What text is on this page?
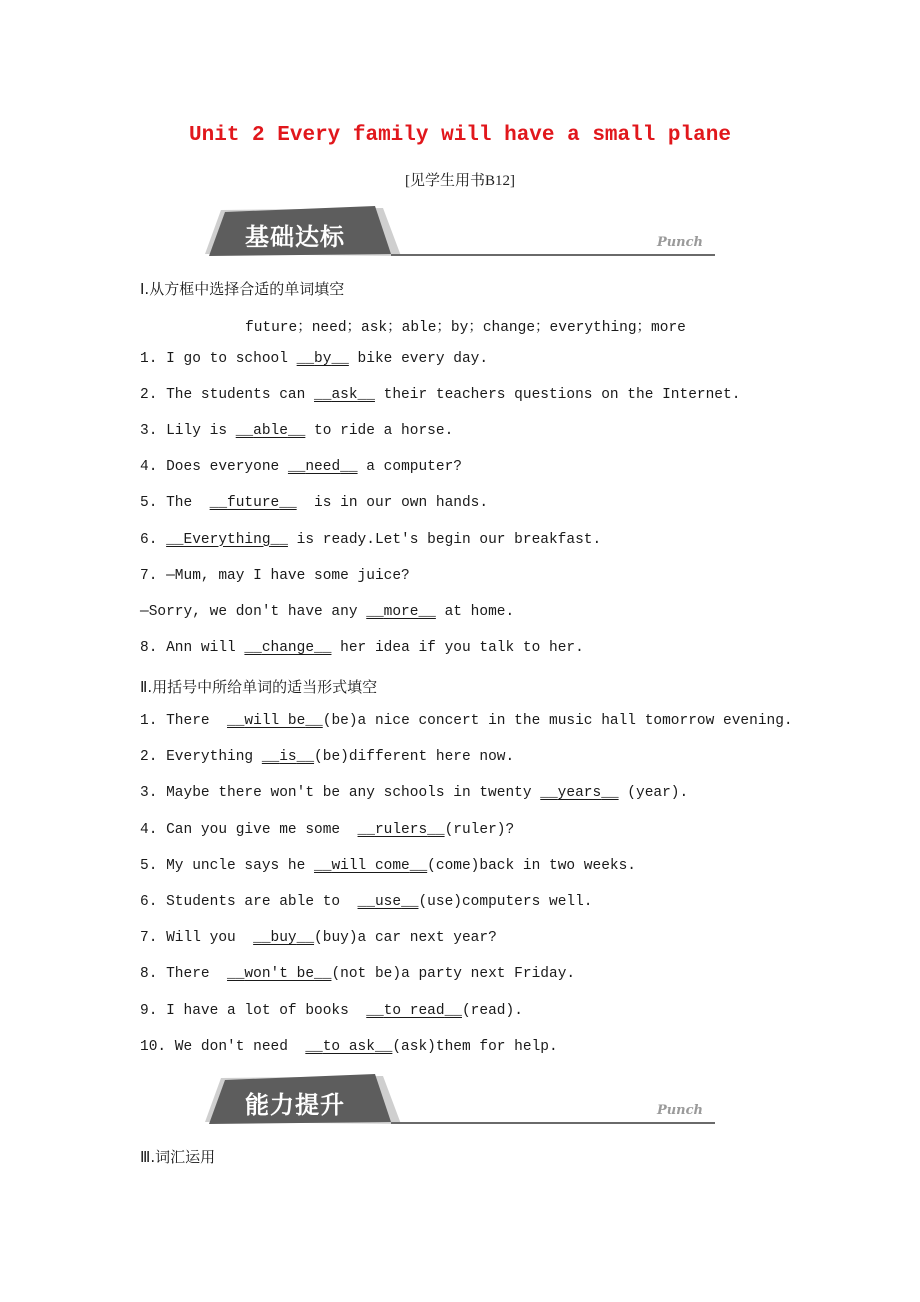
Unit 2 Every family will have a small plane
[见学生用书B12]
基础达标	Punch
Ⅰ.从方框中选择合适的单词填空
future；need；ask；able；by；change；everything；more
1. I go to school __by__ bike every day.
2. The students can __ask__ their teachers questions on the Internet.
3. Lily is __able__ to ride a horse.
4. Does everyone __need__ a computer?
5. The  __future__  is in our own hands.
6. __Everything__ is ready.Let's begin our breakfast.
7. —Mum, may I have some juice?
—Sorry, we don't have any __more__ at home.
8. Ann will __change__ her idea if you talk to her.
Ⅱ.用括号中所给单词的适当形式填空
1. There  __will be__(be)a nice concert in the music hall tomorrow evening.
2. Everything __is__(be)different here now.
3. Maybe there won't be any schools in twenty __years__ (year).
4. Can you give me some  __rulers__(ruler)?
5. My uncle says he __will come__(come)back in two weeks.
6. Students are able to  __use__(use)computers well.
7. Will you  __buy__(buy)a car next year?
8. There  __won't be__(not be)a party next Friday.
9. I have a lot of books  __to read__(read).
10. We don't need  __to ask__(ask)them for help.
能力提升	Punch
Ⅲ.词汇运用
